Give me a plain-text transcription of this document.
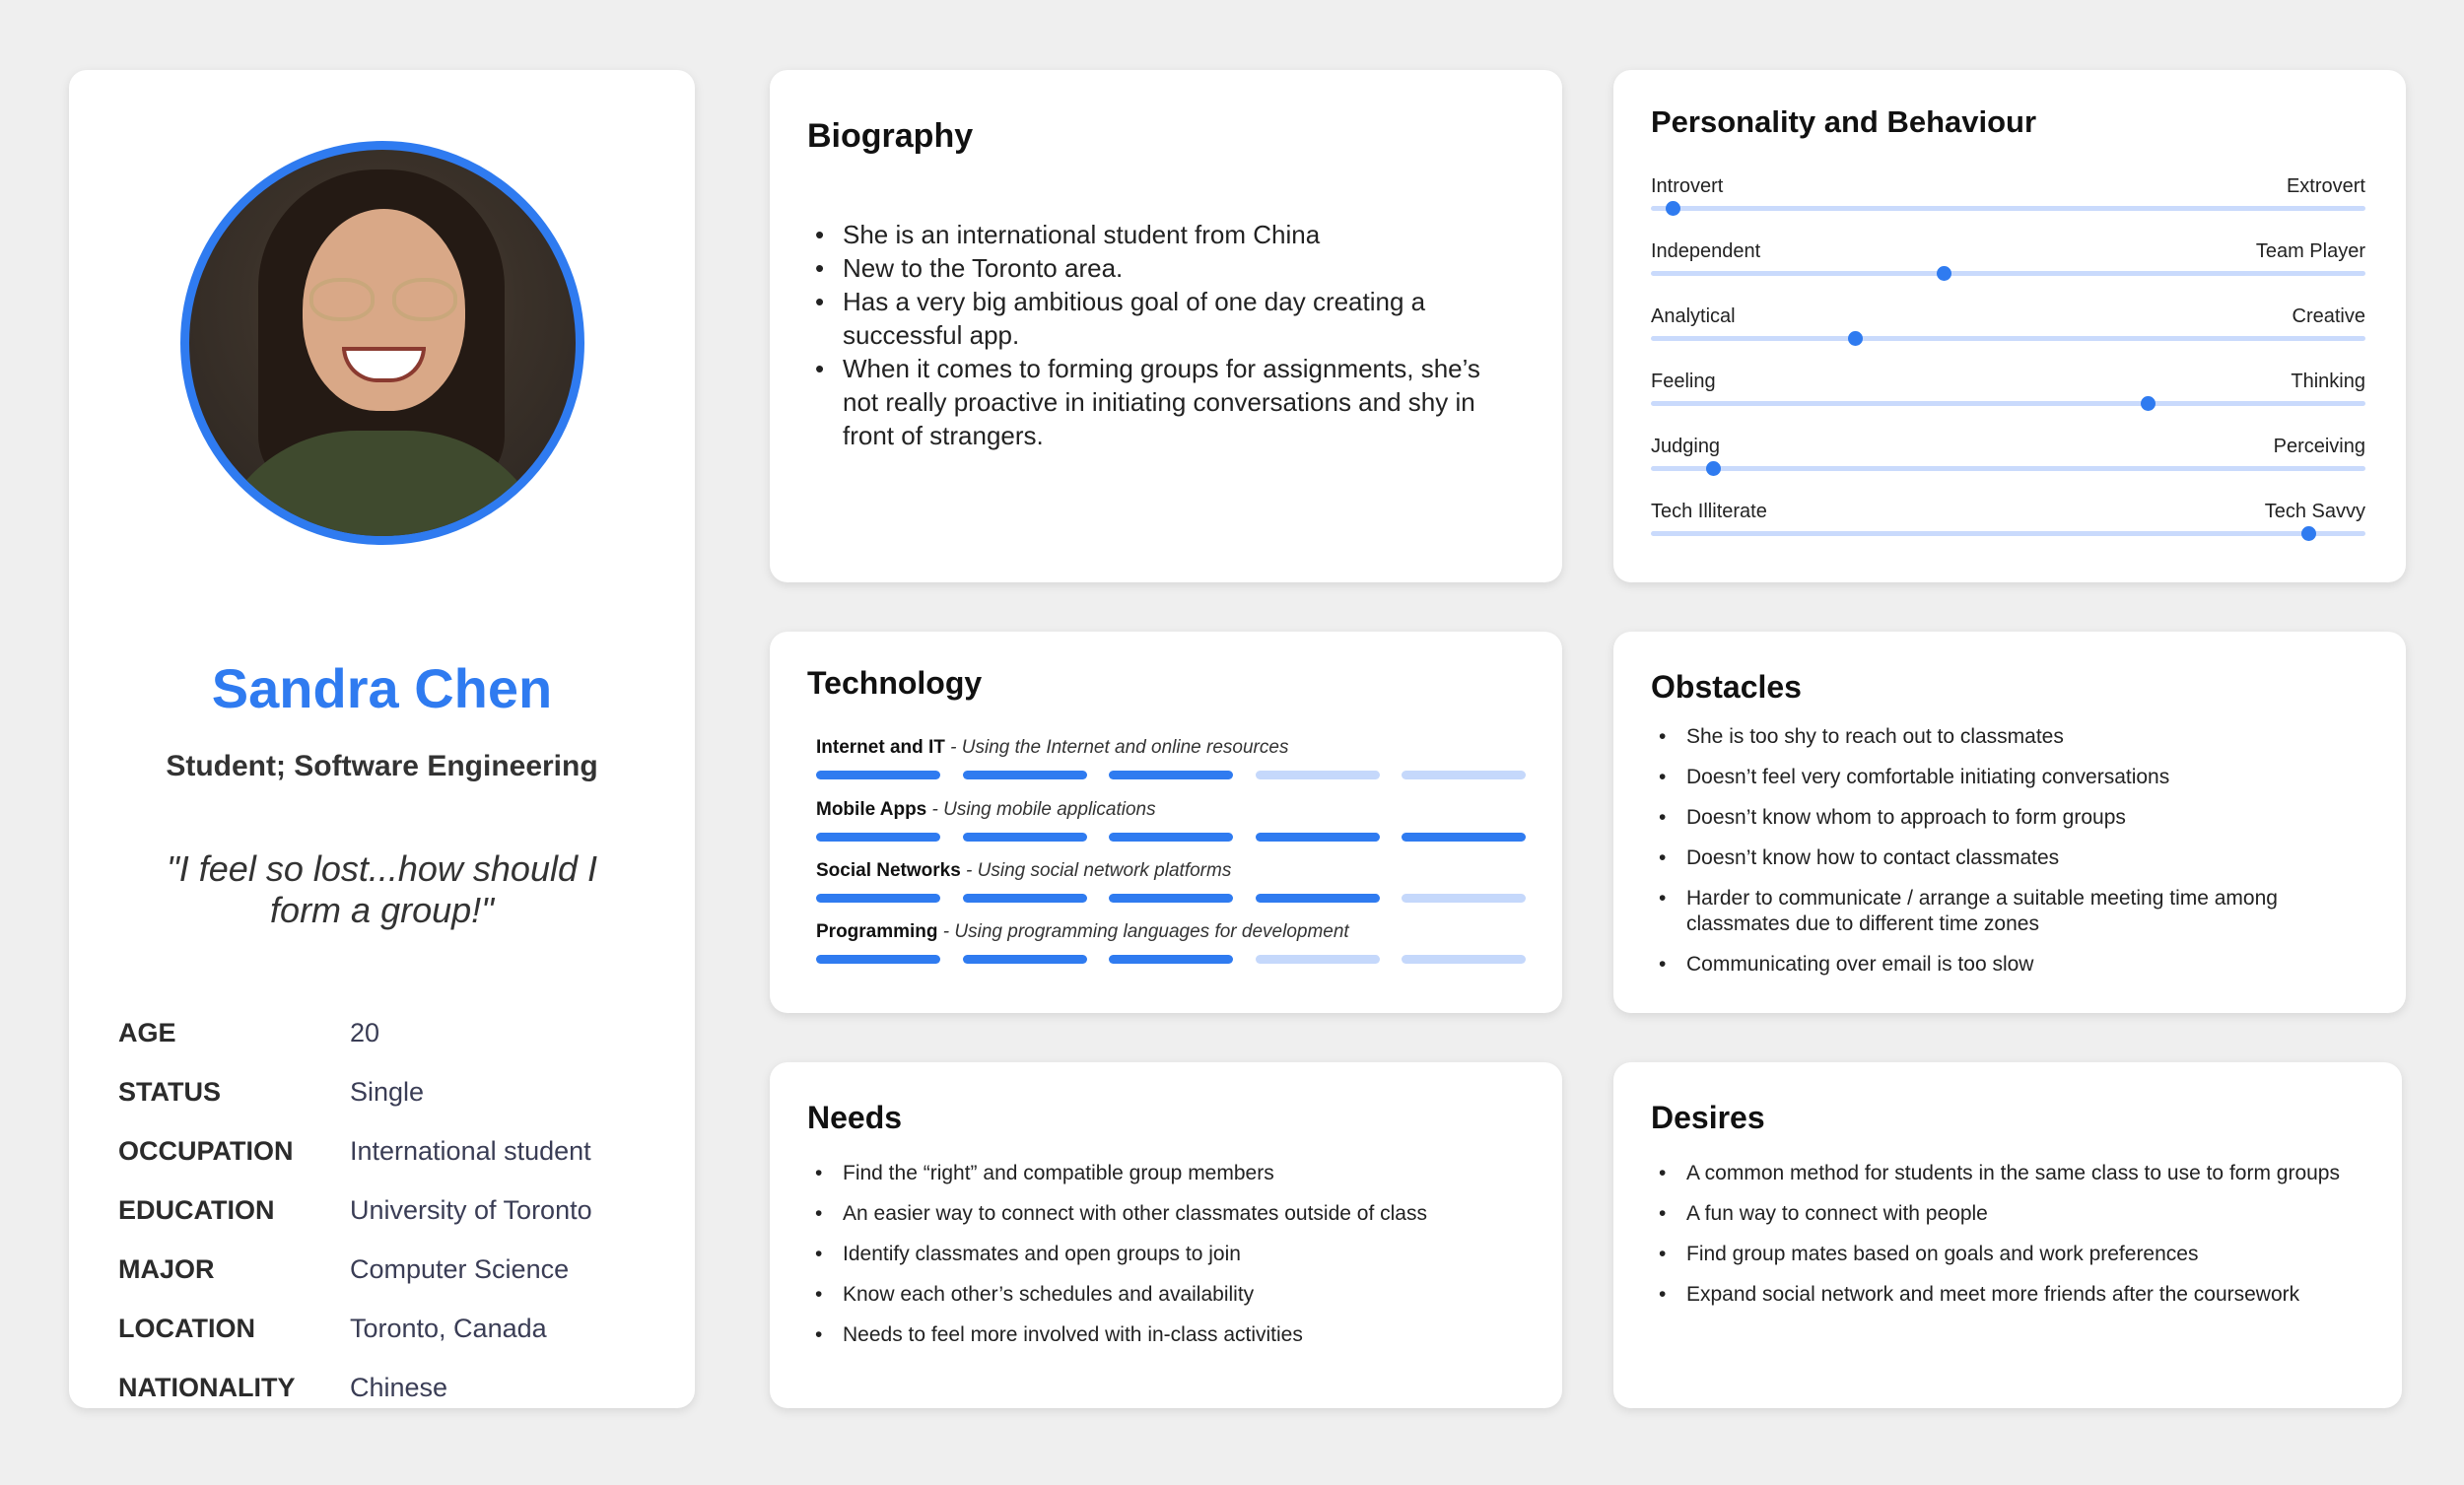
Sandra Chen
Student; Software Engineering
"I feel so lost...how should I form a group!"
AGE	20
STATUS	Single
OCCUPATION	International student
EDUCATION	University of Toronto
MAJOR	Computer Science
LOCATION	Toronto, Canada
NATIONALITY	Chinese
Biography
• She is an international student from China
• New to the Toronto area.
• Has a very big ambitious goal of one day creating a successful app.
• When it comes to forming groups for assignments, she’s not really proactive in initiating conversations and shy in front of strangers.
Personality and Behaviour
Introvert	Extrovert
Independent	Team Player
Analytical	Creative
Feeling	Thinking
Judging	Perceiving
Tech Illiterate	Tech Savvy
Technology
Internet and IT - Using the Internet and online resources
Mobile Apps - Using mobile applications
Social Networks - Using social network platforms
Programming - Using programming languages for development
Obstacles
• She is too shy to reach out to classmates
• Doesn’t feel very comfortable initiating conversations
• Doesn’t know whom to approach to form groups
• Doesn’t know how to contact classmates
• Harder to communicate / arrange a suitable meeting time among classmates due to different time zones
• Communicating over email is too slow
Needs
• Find the “right” and compatible group members
• An easier way to connect with other classmates outside of class
• Identify classmates and open groups to join
• Know each other’s schedules and availability
• Needs to feel more involved with in-class activities
Desires
• A common method for students in the same class to use to form groups
• A fun way to connect with people
• Find group mates based on goals and work preferences
• Expand social network and meet more friends after the coursework
